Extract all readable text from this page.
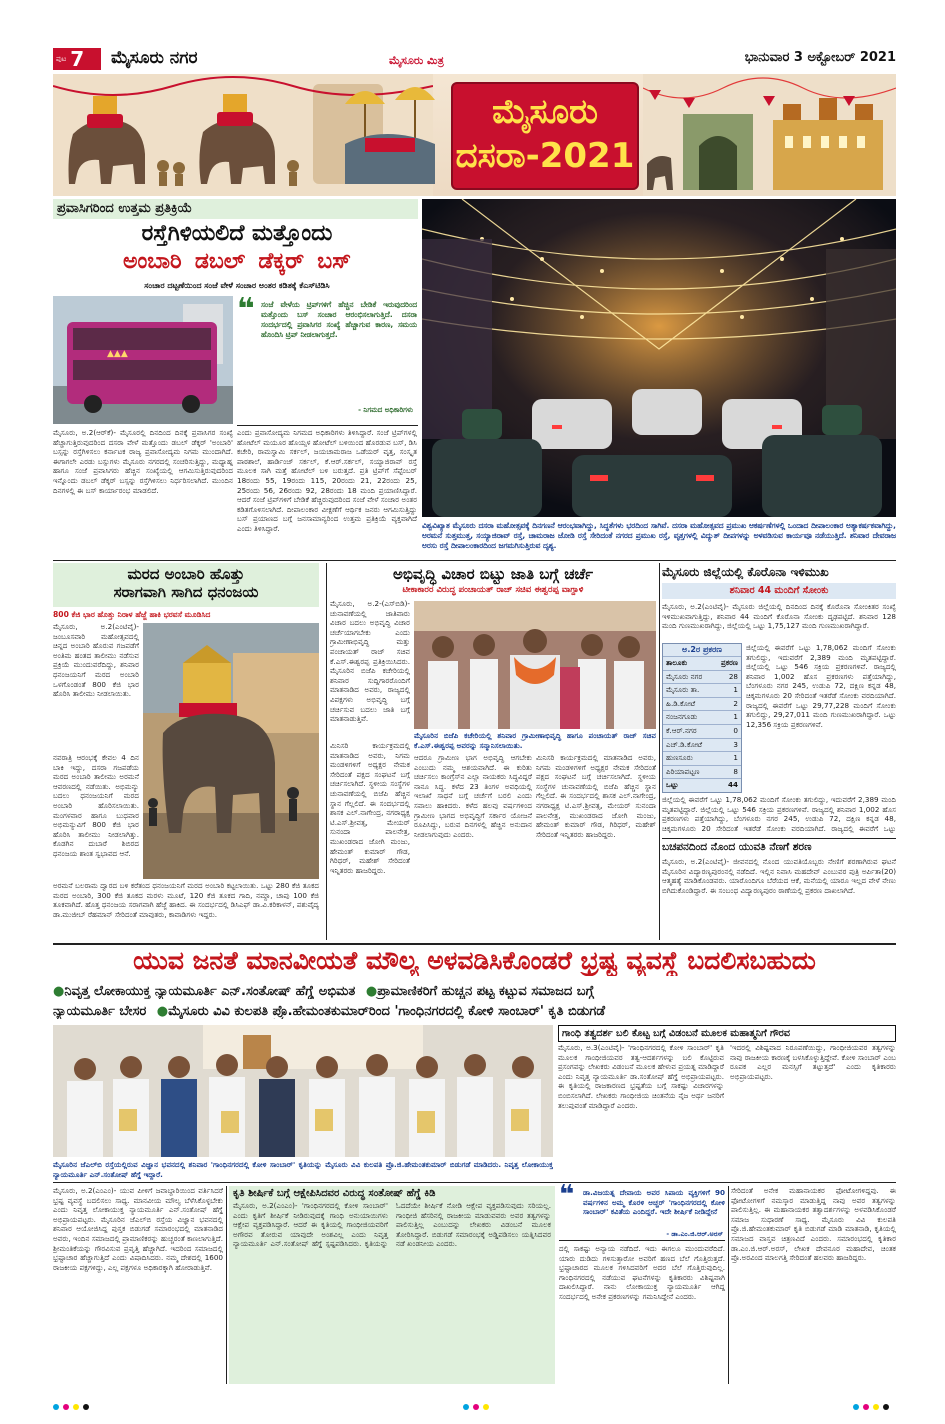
ಪುಟ 7 ಮೈಸೂರು ನಗರ	ಮೈಸೂರು ಮಿತ್ರ	ಭಾನುವಾರ 3 ಅಕ್ಟೋಬರ್ 2021
ಮೈಸೂರು
ದಸರಾ-2021
ಪ್ರವಾಸಿಗರಿಂದ ಉತ್ತಮ ಪ್ರತಿಕ್ರಿಯೆ
ರಸ್ತೆಗಿಳಿಯಲಿದೆ ಮತ್ತೊಂದು
ಅಂಬಾರಿ ಡಬಲ್ ಡೆಕ್ಕರ್ ಬಸ್
ಸಂಚಾರ ದಟ್ಟಣೆಯಿಂದ ಸಂಜೆ ವೇಳೆ ಸಂಚಾರ ಅಂತರ ಕಡಿತಕ್ಕೆ ಕೆಎಸ್‌ಟಿಡಿಸಿ
▲▲▲
❝ ಸಂಜೆ ವೇಳೆಯ ಟ್ರಿಪ್‌ಗಳಿಗೆ ಹೆಚ್ಚಿನ ಬೇಡಿಕೆ ಇರುವುದರಿಂದ ಮತ್ತೊಂದು ಬಸ್ ಸಂಚಾರ ಆರಂಭಿಸಲಾಗುತ್ತಿದೆ. ದಸರಾ ಸಂದರ್ಭದಲ್ಲಿ ಪ್ರವಾಸಿಗರ ಸಂಖ್ಯೆ ಹೆಚ್ಚಾಗುವ ಕಾರಣ, ಸಮಯ ಹೊಂದಿಸಿ ಟ್ರಿಪ್ ನೀಡಲಾಗುತ್ತದೆ.
- ನಿಗಮದ ಅಧಿಕಾರಿಗಳು
ಮೈಸೂರು, ಅ.2(ಆರ್‌ಕೆ)- ಮೈಸೂರಲ್ಲಿ ದಿನದಿಂದ ದಿನಕ್ಕೆ ಪ್ರವಾಸಿಗರ ಸಂಖ್ಯೆ ಹೆಚ್ಚಾಗುತ್ತಿರುವುದರಿಂದ ದಸರಾ ವೇಳೆ ಮತ್ತೊಂದು ಡಬಲ್ ಡೆಕ್ಕರ್ 'ಅಂಬಾರಿ' ಬಸ್ಸನ್ನು ರಸ್ತೆಗಿಳಿಸಲು ಕರ್ನಾಟಕ ರಾಜ್ಯ ಪ್ರವಾಸೋದ್ಯಮ ನಿಗಮ ಮುಂದಾಗಿದೆ. ಈಗಾಗಲೇ ಎರಡು ಬಸ್ಸುಗಳು ಮೈಸೂರು ನಗರದಲ್ಲಿ ಸಂಚರಿಸುತ್ತಿದ್ದು, ಮಧ್ಯಾಹ್ನ ಹಾಗೂ ಸಂಜೆ ಪ್ರವಾಸಿಗರು ಹೆಚ್ಚಿನ ಸಂಖ್ಯೆಯಲ್ಲಿ ಆಗಮಿಸುತ್ತಿರುವುದರಿಂದ ಇನ್ನೊಂದು ಡಬಲ್ ಡೆಕ್ಕರ್ ಬಸ್ಸನ್ನು ರಸ್ತೆಗಿಳಿಸಲು ನಿರ್ಧರಿಸಲಾಗಿದೆ. ಮುಂದಿನ ದಿನಗಳಲ್ಲಿ ಈ ಬಸ್ ಕಾರ್ಯಾರಂಭ ಮಾಡಲಿದೆ.
ಎಂದು ಪ್ರವಾಸೋದ್ಯಮ ನಿಗಮದ ಅಧಿಕಾರಿಗಳು ತಿಳಿಸಿದ್ದಾರೆ. ಸಂಜೆ ಟ್ರಿಪ್‌ಗಳಲ್ಲಿ ಹೋಟೆಲ್ ಮಯೂರ ಹೊಯ್ಸಳ ಹೋಟೆಲ್ ಬಳಿಯಿಂದ ಹೊರಡುವ ಬಸ್, ಡಿಸಿ ಕಚೇರಿ, ರಾಮಸ್ವಾಮಿ ಸರ್ಕಲ್, ಜಯಚಾಮರಾಜ ಒಡೆಯರ್ ವೃತ್ತ, ಸಂಸ್ಕೃತ ಪಾಠಶಾಲೆ, ಹಾರ್ಡಿಂಜ್ ಸರ್ಕಲ್, ಕೆ.ಆರ್.ಸರ್ಕಲ್, ಸಯ್ಯಾಜಿರಾವ್ ರಸ್ತೆ ಮೂಲಕ ಸಾಗಿ ಮತ್ತೆ ಹೋಟೆಲ್ ಬಳಿ ಬರುತ್ತದೆ. ಪ್ರತಿ ಟ್ರಿಪ್‌ಗೆ ಸೆಪ್ಟೆಂಬರ್ 18ರಂದು 55, 19ರಂದು 115, 20ರಂದು 21, 22ರಂದು 25, 25ರಂದು 56, 26ರಂದು 92, 28ರಂದು 18 ಮಂದಿ ಪ್ರಯಾಣಿಸಿದ್ದಾರೆ. ಆದರೆ ಸಂಜೆ ಟ್ರಿಪ್‌ಗಳಿಗೆ ಬೇಡಿಕೆ ಹೆಚ್ಚಿರುವುದರಿಂದ ಸಂಜೆ ವೇಳೆ ಸಂಚಾರ ಅಂತರ ಕಡಿತಗೊಳಿಸಲಾಗಿದೆ. ದೀಪಾಲಂಕಾರ ವೀಕ್ಷಣೆಗೆ ಆರ್ಥಿಕ ಜನರು ಆಗಮಿಸುತ್ತಿದ್ದು ಬಸ್ ಪ್ರಯಾಣದ ಬಗ್ಗೆ ಜನಸಾಮಾನ್ಯರಿಂದ ಉತ್ತಮ ಪ್ರತಿಕ್ರಿಯೆ ವ್ಯಕ್ತವಾಗಿದೆ ಎಂದು ತಿಳಿಸಿದ್ದಾರೆ.	ವಿಶ್ವವಿಖ್ಯಾತ ಮೈಸೂರು ದಸರಾ ಮಹೋತ್ಸವಕ್ಕೆ ದಿನಗಣನೆ ಆರಂಭವಾಗಿದ್ದು, ಸಿದ್ಧತೆಗಳು ಭರದಿಂದ ಸಾಗಿವೆ. ದಸರಾ ಮಹೋತ್ಸವದ ಪ್ರಮುಖ ಆಕರ್ಷಣೆಗಳಲ್ಲಿ ಒಂದಾದ ದೀಪಾಲಂಕಾರ ಅತ್ಯಾಕರ್ಷಕವಾಗಿದ್ದು, ಅರಮನೆ ಸುತ್ತಮುತ್ತ, ಸಯ್ಯಾಜಿರಾವ್ ರಸ್ತೆ, ಚಾಮರಾಜ ಜೋಡಿ ರಸ್ತೆ ಸೇರಿದಂತೆ ನಗರದ ಪ್ರಮುಖ ರಸ್ತೆ, ವೃತ್ತಗಳಲ್ಲಿ ವಿದ್ಯುತ್ ದೀಪಗಳನ್ನು ಅಳವಡಿಸುವ ಕಾರ್ಯವೂ ನಡೆಯುತ್ತಿದೆ. ಶನಿವಾರ ದೇವರಾಜ ಅರಸು ರಸ್ತೆ ದೀಪಾಲಂಕಾರದಿಂದ ಜಗಮಗಿಸುತ್ತಿರುವ ದೃಶ್ಯ.
ಮರದ ಅಂಬಾರಿ ಹೊತ್ತು
ಸರಾಗವಾಗಿ ಸಾಗಿದ ಧನಂಜಯ
800 ಕೆಜಿ ಭಾರ ಹೊತ್ತು ನಿರಾಳ ಹೆಜ್ಜೆ ಹಾಕಿ ಭರವಸೆ ಮೂಡಿಸಿದ
ಮೈಸೂರು, ಅ.2(ಎಂಟಿವೈ)- ಜಂಬೂಸವಾರಿ ಮಹೋತ್ಸವದಲ್ಲಿ ಚಿನ್ನದ ಅಂಬಾರಿ ಹೊರುವ ಗಜಪಡೆಗೆ ಅಂತಿಮ ಹಂತದ ತಾಲೀಮು ನಡೆಸುವ ಪ್ರಕ್ರಿಯೆ ಮುಂದುವರೆದಿದ್ದು, ಶನಿವಾರ ಧನಂಜಯನಿಗೆ ಮರದ ಅಂಬಾರಿ ಒಳಗೊಂಡಂತೆ 800 ಕೆಜಿ ಭಾರ ಹೊರಿಸಿ ತಾಲೀಮು ನೀಡಲಾಯಿತು.
ನವರಾತ್ರಿ ಆರಂಭಕ್ಕೆ ಕೇವಲ 4 ದಿನ ಬಾಕಿ ಇದ್ದು, ದಸರಾ ಗಜಪಡೆಯ ಮರದ ಅಂಬಾರಿ ತಾಲೀಮು ಅರಮನೆ ಆವರಣದಲ್ಲಿ ನಡೆಯಿತು. ಅಭಿಮನ್ಯು ಬದಲು ಧನಂಜಯನಿಗೆ ಮರದ ಅಂಬಾರಿ ಹೊರಿಸಲಾಯಿತು. ಮಂಗಳವಾರ ಹಾಗೂ ಬುಧವಾರ ಅಭಿಮನ್ಯುವಿಗೆ 800 ಕೆಜಿ ಭಾರ ಹೊರಿಸಿ ತಾಲೀಮು ನೀಡಲಾಗಿತ್ತು. ಕೊಡಗಿನ ದುಬಾರೆ ಶಿಬಿರದ ಧನಂಜಯ ಶಾಂತ ಸ್ವಭಾವದ ಆನೆ.
ಅರಮನೆ ಬಲರಾಮ ದ್ವಾರದ ಬಳಿ ಕರೆತಂದ ಧನಂಜಯನಿಗೆ ಮರದ ಅಂಬಾರಿ ಕಟ್ಟಲಾಯಿತು. ಒಟ್ಟು 280 ಕೆಜಿ ತೂಕದ ಮರದ ಅಂಬಾರಿ, 300 ಕೆಜಿ ತೂಕದ ಮರಳು ಮೂಟೆ, 120 ಕೆಜಿ ತೂಕದ ಗಾದಿ, ನಮ್ದಾ, ಚಾಪು 100 ಕೆಜಿ ತೂಕವಾಗಿದೆ. ಹೊತ್ತ ಧನಂಜಯ ಸರಾಗವಾಗಿ ಹೆಜ್ಜೆ ಹಾಕಿದ. ಈ ಸಂದರ್ಭದಲ್ಲಿ ಡಿಸಿಎಫ್ ಡಾ.ವಿ.ಕರಿಕಾಳನ್, ಪಶುವೈದ್ಯ ಡಾ.ಮುಜೀಬ್ ರೆಹಮಾನ್ ಸೇರಿದಂತೆ ಮಾವುತರು, ಕಾವಾಡಿಗಳು ಇದ್ದರು.
ಅಭಿವೃದ್ಧಿ ವಿಚಾರ ಬಿಟ್ಟು ಜಾತಿ ಬಗ್ಗೆ ಚರ್ಚೆ
ಟೀಕಾಕಾರರ ವಿರುದ್ಧ ಪಂಚಾಯತ್ ರಾಜ್ ಸಚಿವ ಈಶ್ವರಪ್ಪ ವಾಗ್ದಾಳಿ
ಮೈಸೂರು, ಅ.2-(ಎಸ್‌ಬಿಡಿ)- ಚುನಾವಣೆಯಲ್ಲಿ ಜಾತಿವಾರು ವಿಚಾರ ಬದಲು ಅಭಿವೃದ್ಧಿ ವಿಚಾರ ಚರ್ಚೆಯಾಗಬೇಕು ಎಂದು ಗ್ರಾಮೀಣಾಭಿವೃದ್ಧಿ ಮತ್ತು ಪಂಚಾಯತ್ ರಾಜ್ ಸಚಿವ ಕೆ.ಎಸ್.ಈಶ್ವರಪ್ಪ ಪ್ರತಿಕ್ರಿಯಿಸಿದರು. ಮೈಸೂರಿನ ಬಿಜೆಪಿ ಕಚೇರಿಯಲ್ಲಿ ಶನಿವಾರ ಸುದ್ದಿಗಾರರೊಂದಿಗೆ ಮಾತನಾಡಿದ ಅವರು, ರಾಜ್ಯದಲ್ಲಿ ವಿಪಕ್ಷಗಳು ಅಭಿವೃದ್ಧಿ ಬಗ್ಗೆ ಚರ್ಚಿಸುವ ಬದಲು ಜಾತಿ ಬಗ್ಗೆ ಮಾತನಾಡುತ್ತಿವೆ.
ಮೈಸೂರಿನ ಬಿಜೆಪಿ ಕಚೇರಿಯಲ್ಲಿ ಶನಿವಾರ ಗ್ರಾಮೀಣಾಭಿವೃದ್ಧಿ ಹಾಗೂ ಪಂಚಾಯತ್ ರಾಜ್ ಸಚಿವ ಕೆ.ಎಸ್.ಈಶ್ವರಪ್ಪ ಅವರನ್ನು ಸನ್ಮಾನಿಸಲಾಯಿತು.
ಆದರೂ ಗ್ರಾಮೀಣ ಭಾಗ ಅಭಿವೃದ್ಧಿ ಆಗಬೇಕು ಎಂಬುದು ನಮ್ಮ ಆಶಯವಾಗಿದೆ. ಈ ಕುರಿತು ಚರ್ಚಿಸಲು ಕಾಂಗ್ರೆಸ್‌ನ ಎಲ್ಲಾ ನಾಯಕರು ಸಿದ್ಧವಿದ್ದರೆ ನಾನೂ ಸಿದ್ಧ. ಕಳೆದ 23 ತಿಂಗಳ ಅವಧಿಯಲ್ಲಿ ಇಲಾಖೆ ಸಾಧನೆ ಬಗ್ಗೆ ಚರ್ಚೆಗೆ ಬರಲಿ ಎಂದು ಸವಾಲು ಹಾಕಿದರು. ಕಳೆದ ಹಲವು ವರ್ಷಗಳಿಂದ ಗ್ರಾಮೀಣ ಭಾಗದ ಅಭಿವೃದ್ಧಿಗೆ ಸರ್ಕಾರ ಯೋಜನೆ ರೂಪಿಸಿದ್ದು, ಬರುವ ದಿನಗಳಲ್ಲಿ ಹೆಚ್ಚಿನ ಅನುದಾನ ನೀಡಲಾಗುವುದು ಎಂದರು.
ಮಿನಿಸರಿ ಕಾರ್ಯಕ್ರಮದಲ್ಲಿ ಮಾತನಾಡಿದ ಅವರು, ನಿಗಮ ಮಂಡಳಿಗಳಿಗೆ ಅಧ್ಯಕ್ಷರ ನೇಮಕ ಸೇರಿದಂತೆ ಪಕ್ಷದ ಸಂಘಟನೆ ಬಗ್ಗೆ ಚರ್ಚಿಸಲಾಗಿದೆ. ಸ್ಥಳೀಯ ಸಂಸ್ಥೆಗಳ ಚುನಾವಣೆಯಲ್ಲಿ ಬಿಜೆಪಿ ಹೆಚ್ಚಿನ ಸ್ಥಾನ ಗೆಲ್ಲಲಿದೆ. ಈ ಸಂದರ್ಭದಲ್ಲಿ ಶಾಸಕ ಎಲ್.ನಾಗೇಂದ್ರ, ನಗರಾಧ್ಯಕ್ಷ ಟಿ.ಎಸ್.ಶ್ರೀವತ್ಸ, ಮೇಯರ್ ಸುನಂದಾ ಪಾಲನೇತ್ರ, ಮುಖಂಡರಾದ ಜೋಗಿ ಮಂಜು, ಹೇಮಂತ್ ಕುಮಾರ್ ಗೌಡ, ಗಿರಿಧರ್, ಮಹೇಶ್ ಸೇರಿದಂತೆ ಇನ್ನಿತರರು ಹಾಜರಿದ್ದರು.
ಮಿನಿಸರಿ ಕಾರ್ಯಕ್ರಮದಲ್ಲಿ ಮಾತನಾಡಿದ ಅವರು, ನಿಗಮ ಮಂಡಳಿಗಳಿಗೆ ಅಧ್ಯಕ್ಷರ ನೇಮಕ ಸೇರಿದಂತೆ ಪಕ್ಷದ ಸಂಘಟನೆ ಬಗ್ಗೆ ಚರ್ಚಿಸಲಾಗಿದೆ. ಸ್ಥಳೀಯ ಸಂಸ್ಥೆಗಳ ಚುನಾವಣೆಯಲ್ಲಿ ಬಿಜೆಪಿ ಹೆಚ್ಚಿನ ಸ್ಥಾನ ಗೆಲ್ಲಲಿದೆ. ಈ ಸಂದರ್ಭದಲ್ಲಿ ಶಾಸಕ ಎಲ್.ನಾಗೇಂದ್ರ, ನಗರಾಧ್ಯಕ್ಷ ಟಿ.ಎಸ್.ಶ್ರೀವತ್ಸ, ಮೇಯರ್ ಸುನಂದಾ ಪಾಲನೇತ್ರ, ಮುಖಂಡರಾದ ಜೋಗಿ ಮಂಜು, ಹೇಮಂತ್ ಕುಮಾರ್ ಗೌಡ, ಗಿರಿಧರ್, ಮಹೇಶ್ ಸೇರಿದಂತೆ ಇನ್ನಿತರರು ಹಾಜರಿದ್ದರು.
ಮೈಸೂರು ಜಿಲ್ಲೆಯಲ್ಲಿ ಕೊರೊನಾ ಇಳಿಮುಖ
ಶನಿವಾರ 44 ಮಂದಿಗೆ ಸೋಂಕು
ಮೈಸೂರು, ಅ.2(ಎಂಟಿವೈ)- ಮೈಸೂರು ಜಿಲ್ಲೆಯಲ್ಲಿ ದಿನದಿಂದ ದಿನಕ್ಕೆ ಕೊರೊನಾ ಸೋಂಕಿತರ ಸಂಖ್ಯೆ ಇಳಿಮುಖವಾಗುತ್ತಿದ್ದು, ಶನಿವಾರ 44 ಮಂದಿಗೆ ಕೊರೊನಾ ಸೋಂಕು ದೃಢಪಟ್ಟಿದೆ. ಶನಿವಾರ 128 ಮಂದಿ ಗುಣಮುಖರಾಗಿದ್ದು, ಜಿಲ್ಲೆಯಲ್ಲಿ ಒಟ್ಟು 1,75,127 ಮಂದಿ ಗುಣಮುಖರಾಗಿದ್ದಾರೆ.
ಅ.2ರ ಪ್ರಕರಣ
ತಾಲೂಕು	ಪ್ರಕರಣ
ಮೈಸೂರು ನಗರ	28
ಮೈಸೂರು ತಾ.	1
ಹಿ.ಡಿ.ಕೋಟೆ	2
ನಂಜನಗೂಡು	1
ಕೆ.ಆರ್.ನಗರ	0
ಎಚ್.ಡಿ.ಕೋಟೆ	3
ಹುಣಸೂರು	1
ಪಿರಿಯಾಪಟ್ಟಣ	8
ಒಟ್ಟು	44
ಜಿಲ್ಲೆಯಲ್ಲಿ ಈವರೆಗೆ ಒಟ್ಟು 1,78,062 ಮಂದಿಗೆ ಸೋಂಕು ತಗುಲಿದ್ದು, ಇದುವರೆಗೆ 2,389 ಮಂದಿ ಮೃತಪಟ್ಟಿದ್ದಾರೆ. ಜಿಲ್ಲೆಯಲ್ಲಿ ಒಟ್ಟು 546 ಸಕ್ರಿಯ ಪ್ರಕರಣಗಳಿವೆ. ರಾಜ್ಯದಲ್ಲಿ ಶನಿವಾರ 1,002 ಹೊಸ ಪ್ರಕರಣಗಳು ಪತ್ತೆಯಾಗಿದ್ದು, ಬೆಂಗಳೂರು ನಗರ 245, ಉಡುಪಿ 72, ದಕ್ಷಿಣ ಕನ್ನಡ 48, ಚಿಕ್ಕಮಗಳೂರು 20 ಸೇರಿದಂತೆ ಇತರೆಡೆ ಸೋಂಕು ವರದಿಯಾಗಿದೆ. ರಾಜ್ಯದಲ್ಲಿ ಈವರೆಗೆ ಒಟ್ಟು 29,77,228 ಮಂದಿಗೆ ಸೋಂಕು ತಗುಲಿದ್ದು, 29,27,011 ಮಂದಿ ಗುಣಮುಖರಾಗಿದ್ದಾರೆ. ಒಟ್ಟು 12,356 ಸಕ್ರಿಯ ಪ್ರಕರಣಗಳಿವೆ.
ಜಿಲ್ಲೆಯಲ್ಲಿ ಈವರೆಗೆ ಒಟ್ಟು 1,78,062 ಮಂದಿಗೆ ಸೋಂಕು ತಗುಲಿದ್ದು, ಇದುವರೆಗೆ 2,389 ಮಂದಿ ಮೃತಪಟ್ಟಿದ್ದಾರೆ. ಜಿಲ್ಲೆಯಲ್ಲಿ ಒಟ್ಟು 546 ಸಕ್ರಿಯ ಪ್ರಕರಣಗಳಿವೆ. ರಾಜ್ಯದಲ್ಲಿ ಶನಿವಾರ 1,002 ಹೊಸ ಪ್ರಕರಣಗಳು ಪತ್ತೆಯಾಗಿದ್ದು, ಬೆಂಗಳೂರು ನಗರ 245, ಉಡುಪಿ 72, ದಕ್ಷಿಣ ಕನ್ನಡ 48, ಚಿಕ್ಕಮಗಳೂರು 20 ಸೇರಿದಂತೆ ಇತರೆಡೆ ಸೋಂಕು ವರದಿಯಾಗಿದೆ. ರಾಜ್ಯದಲ್ಲಿ ಈವರೆಗೆ ಒಟ್ಟು
ಬಚಪನದಿಂದ ನೊಂದ ಯುವತಿ ನೆಣಗೆ ಶರಣ
ಮೈಸೂರು, ಅ.2(ಎಂಟಿವೈ)- ಜೀವನದಲ್ಲಿ ನೊಂದ ಯುವತಿಯೊಬ್ಬರು ನೇಣಿಗೆ ಶರಣಾಗಿರುವ ಘಟನೆ ಮೈಸೂರಿನ ವಿದ್ಯಾರಣ್ಯಪುರಂನಲ್ಲಿ ನಡೆದಿದೆ. ಇಲ್ಲಿನ ನಿವಾಸಿ ಮಹದೇವ್ ಎಂಬುವರ ಪುತ್ರಿ ಅರ್ಪಿತಾ(20) ಆತ್ಮಹತ್ಯೆ ಮಾಡಿಕೊಂಡವರು. ಯಾರೊಂದಿಗೂ ಬೆರೆಯದ ಆಕೆ, ಮನೆಯಲ್ಲಿ ಯಾರೂ ಇಲ್ಲದ ವೇಳೆ ನೇಣು ಬಿಗಿದುಕೊಂಡಿದ್ದಾರೆ. ಈ ಸಂಬಂಧ ವಿದ್ಯಾರಣ್ಯಪುರಂ ಠಾಣೆಯಲ್ಲಿ ಪ್ರಕರಣ ದಾಖಲಾಗಿದೆ.
ಯುವ ಜನತೆ ಮಾನವೀಯತೆ ಮೌಲ್ಯ ಅಳವಡಿಸಿಕೊಂಡರೆ ಭ್ರಷ್ಟ ವ್ಯವಸ್ಥೆ ಬದಲಿಸಬಹುದು
●ನಿವೃತ್ತ ಲೋಕಾಯುಕ್ತ ನ್ಯಾಯಮೂರ್ತಿ ಎನ್.ಸಂತೋಷ್ ಹೆಗ್ಡೆ ಅಭಿಮತ ●ಪ್ರಾಮಾಣಿಕರಿಗೆ ಹುಚ್ಚನ ಪಟ್ಟ ಕಟ್ಟುವ ಸಮಾಜದ ಬಗ್ಗೆ
ನ್ಯಾಯಮೂರ್ತಿ ಬೇಸರ ●ಮೈಸೂರು ವಿವಿ ಕುಲಪತಿ ಪ್ರೊ.ಹೇಮಂತಕುಮಾರ್‌ರಿಂದ 'ಗಾಂಧಿನಗರದಲ್ಲಿ ಕೋಳಿ ಸಾಂಬಾರ್' ಕೃತಿ ಬಿಡುಗಡೆ
ಮೈಸೂರಿನ ಜೆಎಲ್‌ಬಿ ರಸ್ತೆಯಲ್ಲಿರುವ ವಿಜ್ಞಾನ ಭವನದಲ್ಲಿ ಶನಿವಾರ 'ಗಾಂಧಿನಗರದಲ್ಲಿ ಕೋಳಿ ಸಾಂಬಾರ್' ಕೃತಿಯನ್ನು ಮೈಸೂರು ವಿವಿ ಕುಲಪತಿ ಪ್ರೊ.ಜಿ.ಹೇಮಂತಕುಮಾರ್ ಬಿಡುಗಡೆ ಮಾಡಿದರು. ನಿವೃತ್ತ ಲೋಕಾಯುಕ್ತ ನ್ಯಾಯಮೂರ್ತಿ ಎನ್.ಸಂತೋಷ್ ಹೆಗ್ಡೆ ಇದ್ದಾರೆ.
ಗಾಂಧಿ ತತ್ವದರ್ಶ ಬಲಿ ಕೊಟ್ಟ ಬಗ್ಗೆ ವಿಡಂಬನೆ ಮೂಲಕ ಮಹಾತ್ಮನಿಗೆ ಗೌರವ
ಮೈಸೂರು, ಅ.3(ಎಂಟಿವೈ)- 'ಗಾಂಧಿನಗರದಲ್ಲಿ ಕೋಳಿ ಸಾಂಬಾರ್' ಕೃತಿ ಮೂಲಕ ಗಾಂಧೀಜಿಯವರ ತತ್ವ-ಆದರ್ಶಗಳನ್ನು ಬಲಿ ಕೊಟ್ಟಿರುವ ಪ್ರಸಂಗವನ್ನು ಲೇಖಕರು ವಿಡಂಬನೆ ಮೂಲಕ ಹೇಳುವ ಪ್ರಯತ್ನ ಮಾಡಿದ್ದಾರೆ ಎಂದು ನಿವೃತ್ತ ನ್ಯಾಯಮೂರ್ತಿ ಡಾ.ಸಂತೋಷ್ ಹೆಗ್ಡೆ ಅಭಿಪ್ರಾಯಪಟ್ಟರು. ಈ ಕೃತಿಯಲ್ಲಿ ರಾಜಕಾರಣದ ಭ್ರಷ್ಟತೆಯ ಬಗ್ಗೆ ಸಾಕಷ್ಟು ವಿಚಾರಗಳನ್ನು ಬಿಂಬಿಸಲಾಗಿದೆ. ಲೇಖಕರು ಗಾಂಧೀಜಿಯ ಚಿಂತನೆಯ ನೈಜ ಅರ್ಥ ಜನರಿಗೆ ತಲುಪುವಂತೆ ಮಾಡಿದ್ದಾರೆ ಎಂದರು.
'ಇದರಲ್ಲಿ ವಿಶಿಷ್ಟವಾದ ನಿರೂಪಣೆಯಿದ್ದು, ಗಾಂಧೀಜಿಯವರ ತತ್ವಗಳನ್ನು ನಾವು ರಾಜಕೀಯ ಕಾರಣಕ್ಕೆ ಬಳಸಿಕೊಳ್ಳುತ್ತಿದ್ದೇವೆ. ಕೋಳಿ ಸಾಂಬಾರ್ ಎಂಬ ರೂಪಕ ಎಲ್ಲರ ಮನಸ್ಸಿಗೆ ತಟ್ಟುತ್ತದೆ' ಎಂದು ಕೃತಿಕಾರರು ಅಭಿಪ್ರಾಯಪಟ್ಟರು.
ಮೈಸೂರು, ಅ.2(ಎಂಎಂ)- ಯುವ ಪೀಳಿಗೆ ಜವಾಬ್ದಾರಿಯಿಂದ ವರ್ತಿಸಿದರೆ ಭ್ರಷ್ಟ ವ್ಯವಸ್ಥೆ ಬದಲಿಸಲು ಸಾಧ್ಯ. ಮಾನವೀಯ ಮೌಲ್ಯ ಬೆಳೆಸಿಕೊಳ್ಳಬೇಕು ಎಂದು ನಿವೃತ್ತ ಲೋಕಾಯುಕ್ತ ನ್ಯಾಯಮೂರ್ತಿ ಎನ್.ಸಂತೋಷ್ ಹೆಗ್ಡೆ ಅಭಿಪ್ರಾಯಪಟ್ಟರು. ಮೈಸೂರಿನ ಜೆಎಲ್‌ಬಿ ರಸ್ತೆಯ ವಿಜ್ಞಾನ ಭವನದಲ್ಲಿ ಶನಿವಾರ ಆಯೋಜಿಸಿದ್ದ ಪುಸ್ತಕ ಬಿಡುಗಡೆ ಸಮಾರಂಭದಲ್ಲಿ ಮಾತನಾಡಿದ ಅವರು, ಇಂದಿನ ಸಮಾಜದಲ್ಲಿ ಪ್ರಾಮಾಣಿಕರನ್ನು ಹುಚ್ಚರಂತೆ ಕಾಣಲಾಗುತ್ತಿದೆ. ಶ್ರೀಮಂತಿಕೆಯನ್ನು ಗೌರವಿಸುವ ಪ್ರವೃತ್ತಿ ಹೆಚ್ಚಾಗಿದೆ. ಇದರಿಂದ ಸಮಾಜದಲ್ಲಿ ಭ್ರಷ್ಟಾಚಾರ ಹೆಚ್ಚಾಗುತ್ತಿದೆ ಎಂದು ವಿಷಾದಿಸಿದರು. ನಮ್ಮ ದೇಶದಲ್ಲಿ 1600 ರಾಜಕೀಯ ಪಕ್ಷಗಳಿದ್ದು, ಎಲ್ಲ ಪಕ್ಷಗಳೂ ಅಧಿಕಾರಕ್ಕಾಗಿ ಹೋರಾಡುತ್ತಿವೆ.
ಕೃತಿ ಶೀರ್ಷಿಕೆ ಬಗ್ಗೆ ಆಕ್ಷೇಪಿಸಿದವರ ವಿರುದ್ಧ ಸಂತೋಷ್ ಹೆಗ್ಡೆ ಕಿಡಿ
ಮೈಸೂರು, ಅ.2(ಎಂಎಂ)- 'ಗಾಂಧಿನಗರದಲ್ಲಿ ಕೋಳಿ ಸಾಂಬಾರ್' ಎಂದು ಕೃತಿಗೆ ಶೀರ್ಷಿಕೆ ನೀಡಿರುವುದಕ್ಕೆ ಗಾಂಧಿ ಅನುಯಾಯಿಗಳು ಆಕ್ಷೇಪ ವ್ಯಕ್ತಪಡಿಸಿದ್ದಾರೆ. ಆದರೆ ಈ ಕೃತಿಯಲ್ಲಿ ಗಾಂಧೀಜಿಯವರಿಗೆ ಅಗೌರವ ತೋರುವ ಯಾವುದೇ ಅಂಶವಿಲ್ಲ ಎಂದು ನಿವೃತ್ತ ನ್ಯಾಯಮೂರ್ತಿ ಎನ್.ಸಂತೋಷ್ ಹೆಗ್ಡೆ ಸ್ಪಷ್ಟಪಡಿಸಿದರು. ಕೃತಿಯನ್ನು ಓದದೆಯೇ ಶೀರ್ಷಿಕೆ ನೋಡಿ ಆಕ್ಷೇಪ ವ್ಯಕ್ತಪಡಿಸುವುದು ಸರಿಯಲ್ಲ. ಗಾಂಧೀಜಿ ಹೆಸರಿನಲ್ಲಿ ರಾಜಕೀಯ ಮಾಡುವವರು ಅವರ ತತ್ವಗಳನ್ನು ಪಾಲಿಸುತ್ತಿಲ್ಲ ಎಂಬುದನ್ನು ಲೇಖಕರು ವಿಡಂಬನೆ ಮೂಲಕ ತೋರಿಸಿದ್ದಾರೆ. ಬಿಡುಗಡೆ ಸಮಾರಂಭಕ್ಕೆ ಅಡ್ಡಿಪಡಿಸಲು ಯತ್ನಿಸಿದವರ ನಡೆ ಖಂಡನೀಯ ಎಂದರು.
❝ ಡಾ.ವಿಜಯತ್ನ ದೇವಾಯ ಅವರ ಸಿಪಾಯ ವ್ಯಕ್ತಿಗಳಿಗೆ 90 ವರ್ಷಗಳಿನ ಅಮ್ಮ ಕೊರಳಿ ಆಚ್ಚರ್ 'ಗಾಂಧಿನಗರದಲ್ಲಿ ಕೋಳಿ ಸಾಂಬಾರ್' ಕವಿತೆಯ ಎಂದಿದ್ದರೆ. ಇದೇ ಶೀರ್ಷಿಕೆ ನೀಡಿದ್ದೇನೆ
- ಡಾ.ಎಂ.ಜಿ.ಆರ್.ಅರಸ್
ದಲ್ಲಿ ಸಾಕಷ್ಟು ಅನ್ಯಾಯ ನಡೆದಿದೆ. ಇದು ಈಗಲೂ ಮುಂದುವರೆದಿದೆ. ಯಾರು ದುಡಿದು ಗಳಿಸುತ್ತಾರೋ ಅವರಿಗೆ ಹಣದ ಬೆಲೆ ಗೊತ್ತಿರುತ್ತದೆ. ಭ್ರಷ್ಟಾಚಾರದ ಮೂಲಕ ಗಳಿಸಿದವರಿಗೆ ಅದರ ಬೆಲೆ ಗೊತ್ತಿರುವುದಿಲ್ಲ. ಗಾಂಧಿನಗರದಲ್ಲಿ ನಡೆಯುವ ಘಟನೆಗಳನ್ನು ಕೃತಿಕಾರರು ವಿಶಿಷ್ಟವಾಗಿ ದಾಖಲಿಸಿದ್ದಾರೆ. ನಾನು ಲೋಕಾಯುಕ್ತ ನ್ಯಾಯಮೂರ್ತಿ ಆಗಿದ್ದ ಸಂದರ್ಭದಲ್ಲಿ ಅನೇಕ ಪ್ರಕರಣಗಳನ್ನು ಗಮನಿಸಿದ್ದೇನೆ ಎಂದರು.
ಸೇರಿದಂತೆ ಅನೇಕ ಮಹಾನಾಯಕರ ಫೋಟೋಗಳಿದ್ದವು. ಈ ಫೋಟೋಗಳಿಗೆ ನಮಸ್ಕಾರ ಮಾಡುತ್ತಿದ್ದ ನಾವು ಅವರ ತತ್ವಗಳನ್ನು ಪಾಲಿಸುತ್ತಿಲ್ಲ. ಈ ಮಹಾನಾಯಕರ ತತ್ವಾದರ್ಶಗಳನ್ನು ಅಳವಡಿಸಿಕೊಂಡರೆ ಸಮಾಜ ಸುಧಾರಣೆ ಸಾಧ್ಯ. ಮೈಸೂರು ವಿವಿ ಕುಲಪತಿ ಪ್ರೊ.ಜಿ.ಹೇಮಂತಕುಮಾರ್ ಕೃತಿ ಬಿಡುಗಡೆ ಮಾಡಿ ಮಾತನಾಡಿ, ಕೃತಿಯಲ್ಲಿ ಸಮಾಜದ ವಾಸ್ತವ ಚಿತ್ರಣವಿದೆ ಎಂದರು. ಸಮಾರಂಭದಲ್ಲಿ ಕೃತಿಕಾರ ಡಾ.ಎಂ.ಜಿ.ಆರ್.ಅರಸ್, ಲೇಖಕ ದೇವನೂರ ಮಹಾದೇವ, ಚಿಂತಕ ಪ್ರೊ.ಅರವಿಂದ ಮಾಲಗತ್ತಿ ಸೇರಿದಂತೆ ಹಲವರು ಹಾಜರಿದ್ದರು.
